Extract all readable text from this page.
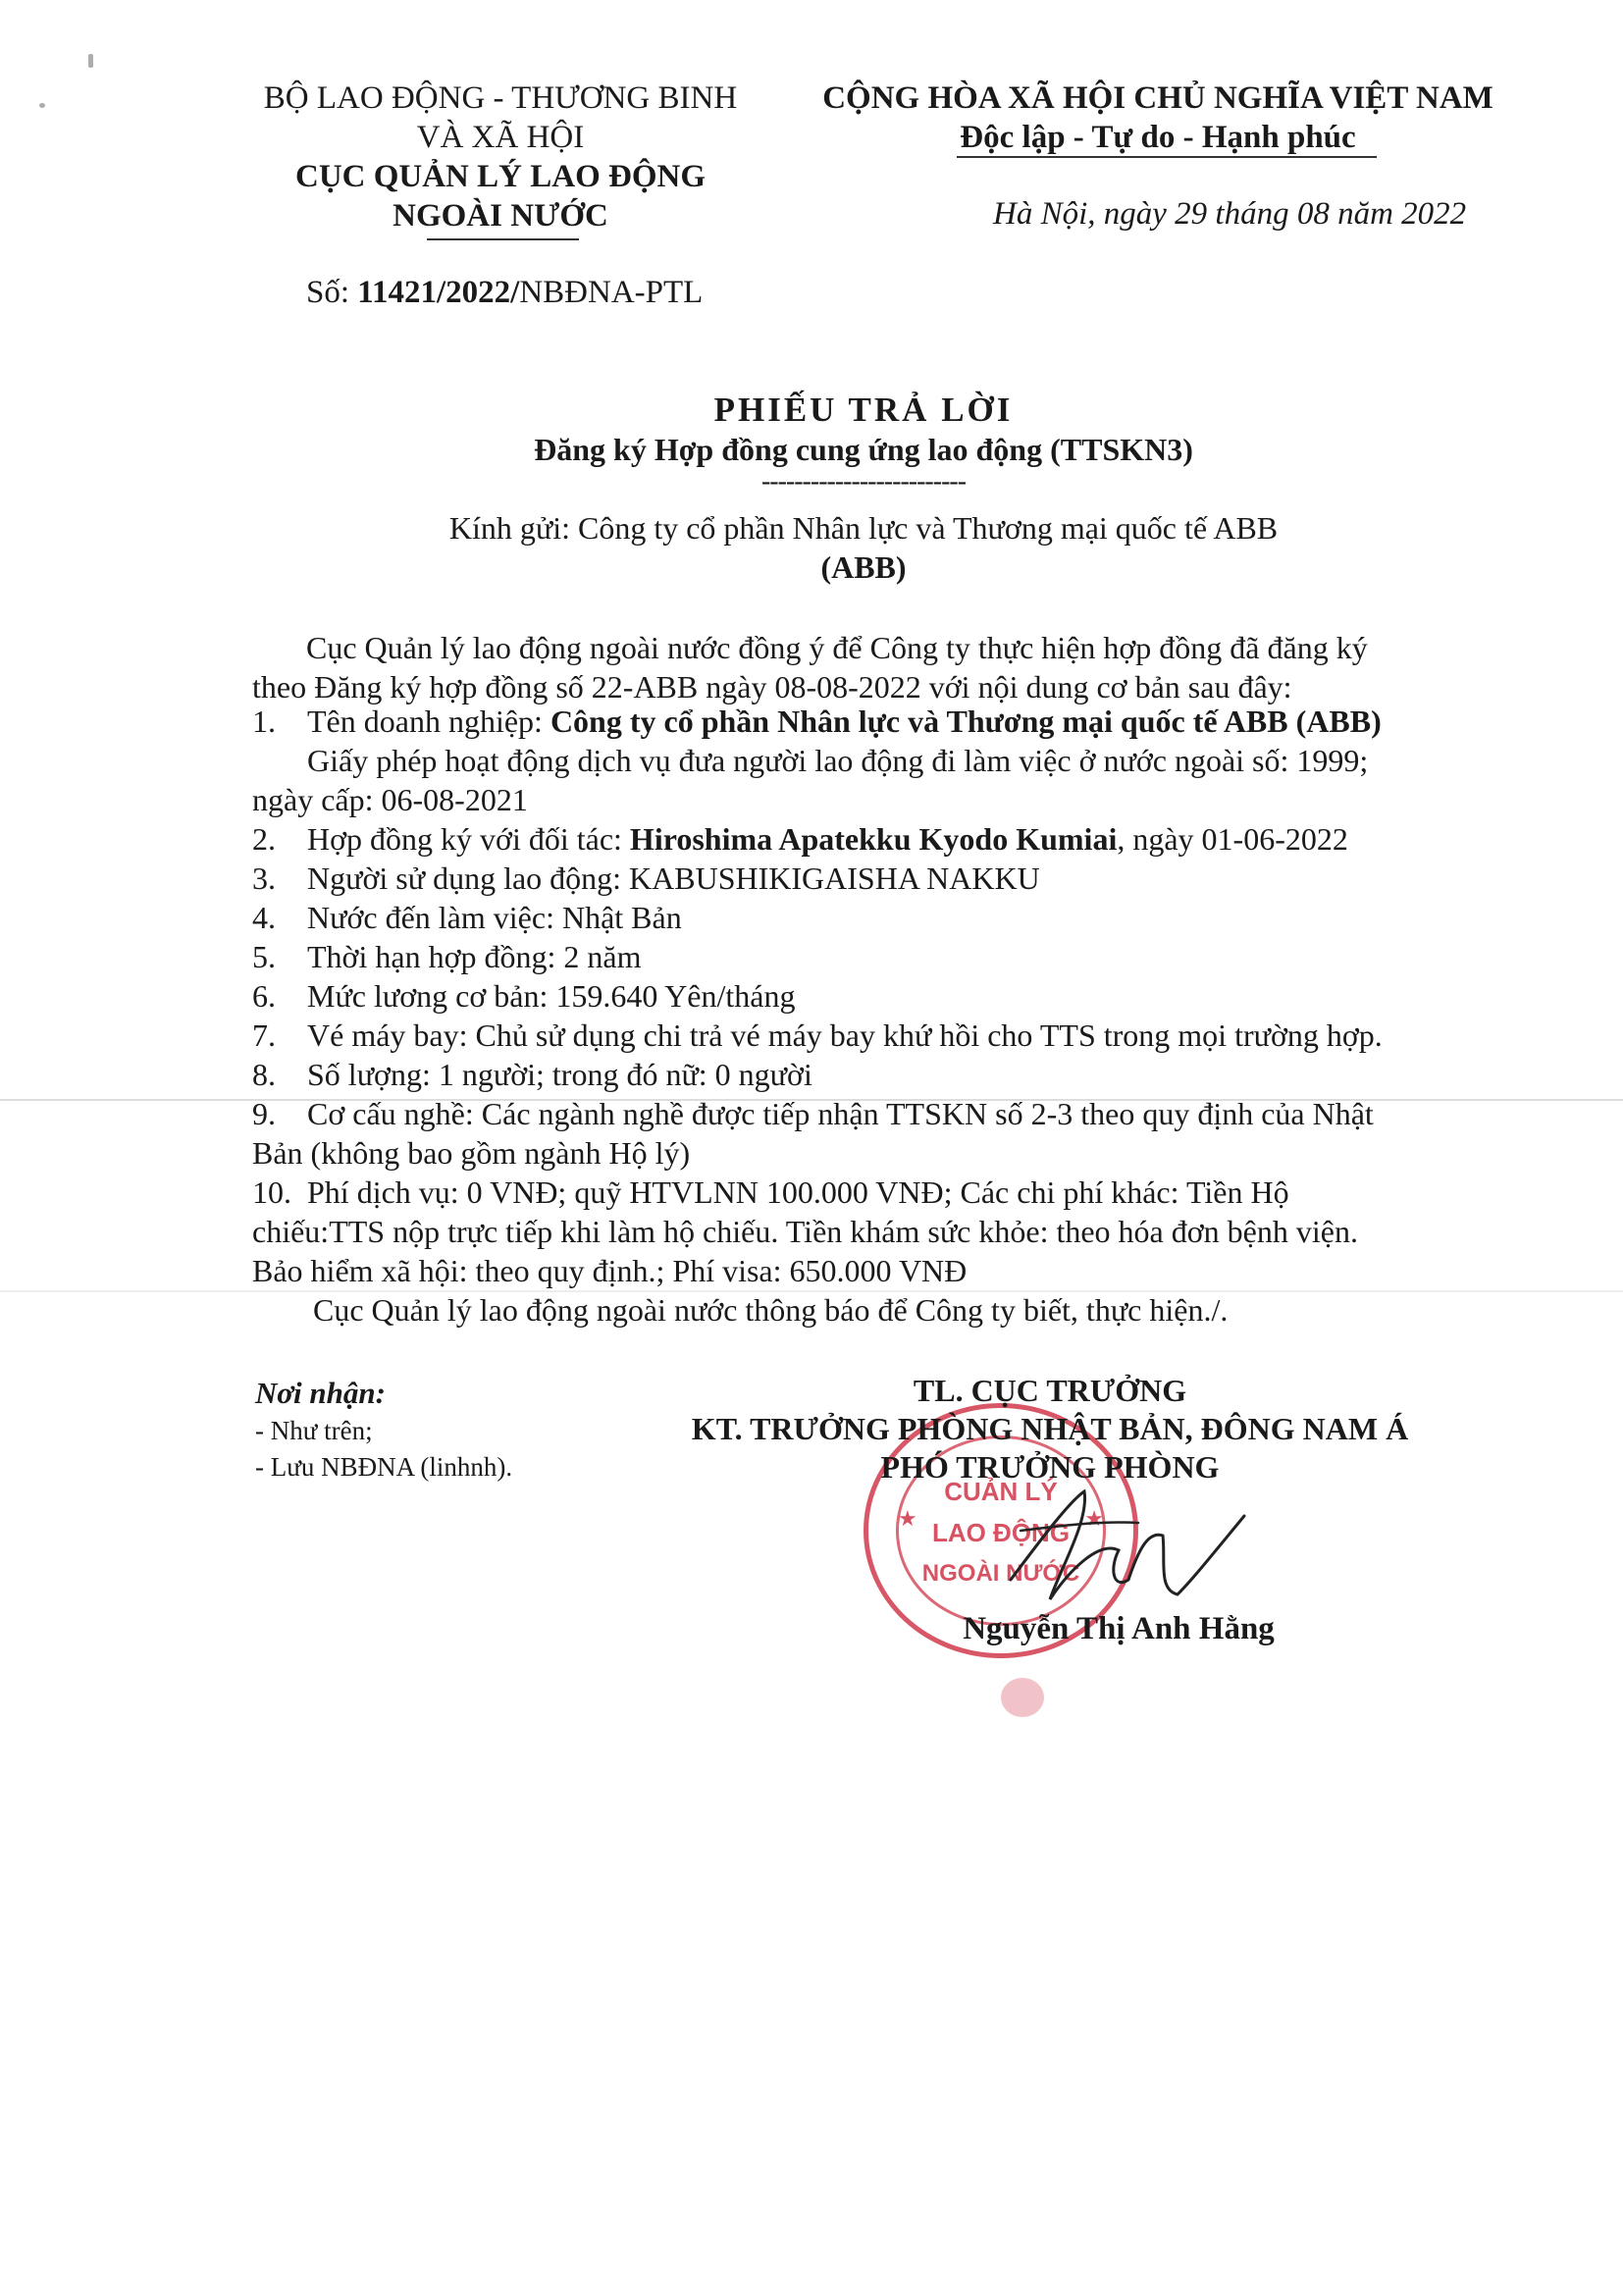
BỘ LAO ĐỘNG - THƯƠNG BINH
VÀ XÃ HỘI
CỤC QUẢN LÝ LAO ĐỘNG
NGOÀI NƯỚC
Số: 11421/2022/NBĐNA-PTL
CỘNG HÒA XÃ HỘI CHỦ NGHĨA VIỆT NAM
Độc lập - Tự do - Hạnh phúc
Hà Nội, ngày 29 tháng 08 năm 2022
PHIẾU TRẢ LỜI
Đăng ký Hợp đồng cung ứng lao động (TTSKN3)
-------------------------
Kính gửi: Công ty cổ phần Nhân lực và Thương mại quốc tế ABB
(ABB)
Cục Quản lý lao động ngoài nước đồng ý để Công ty thực hiện hợp đồng đã đăng ký
theo Đăng ký hợp đồng số 22-ABB ngày 08-08-2022 với nội dung cơ bản sau đây:
1.	Tên doanh nghiệp: Công ty cổ phần Nhân lực và Thương mại quốc tế ABB (ABB)
Giấy phép hoạt động dịch vụ đưa người lao động đi làm việc ở nước ngoài số: 1999;
ngày cấp: 06-08-2021
2.	Hợp đồng ký với đối tác: Hiroshima Apatekku Kyodo Kumiai, ngày 01-06-2022
3.	Người sử dụng lao động: KABUSHIKIGAISHA NAKKU
4.	Nước đến làm việc: Nhật Bản
5.	Thời hạn hợp đồng: 2 năm
6.	Mức lương cơ bản: 159.640 Yên/tháng
7.	Vé máy bay: Chủ sử dụng chi trả vé máy bay khứ hồi cho TTS trong mọi trường hợp.
8.	Số lượng: 1 người; trong đó nữ: 0 người
9.	Cơ cấu nghề: Các ngành nghề được tiếp nhận TTSKN số 2-3 theo quy định của Nhật
Bản (không bao gồm ngành Hộ lý)
10. Phí dịch vụ: 0 VNĐ; quỹ HTVLNN 100.000 VNĐ; Các chi phí khác: Tiền Hộ
chiếu:TTS nộp trực tiếp khi làm hộ chiếu. Tiền khám sức khỏe: theo hóa đơn bệnh viện.
Bảo hiểm xã hội: theo quy định.; Phí visa: 650.000 VNĐ
Cục Quản lý lao động ngoài nước thông báo để Công ty biết, thực hiện./.
Nơi nhận:
- Như trên;
- Lưu NBĐNA (linhnh).
★	★
CUẢN LÝ
LAO ĐỘNG
NGOÀI NƯỚC
TL. CỤC TRƯỞNG
KT. TRƯỞNG PHÒNG NHẬT BẢN, ĐÔNG NAM Á
PHÓ TRƯỞNG PHÒNG
Nguyễn Thị Anh Hằng
